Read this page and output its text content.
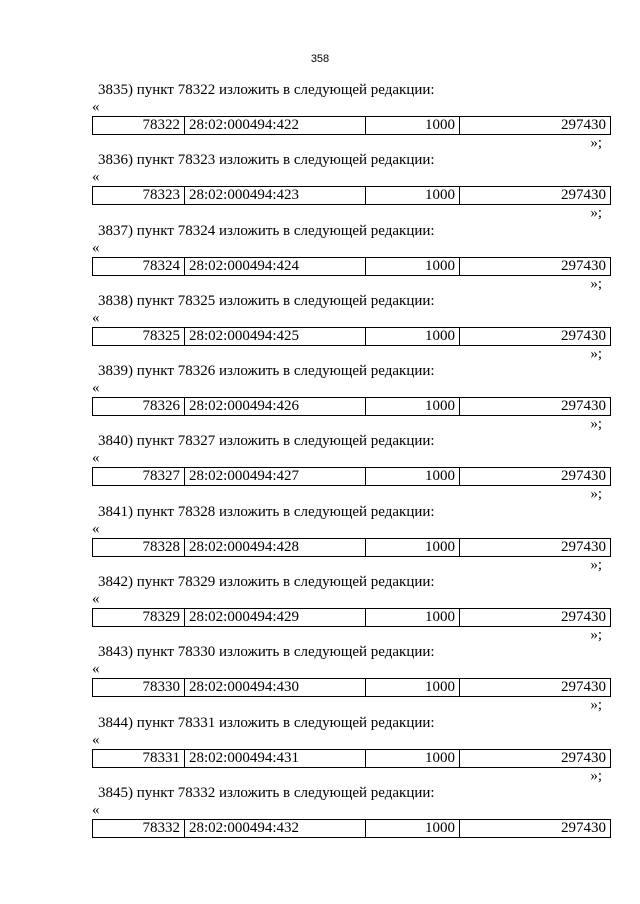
358
3835) пункт 78322 изложить в следующей редакции:
«
78322	28:02:000494:422	1000	297430
»;
3836) пункт 78323 изложить в следующей редакции:
«
78323	28:02:000494:423	1000	297430
»;
3837) пункт 78324 изложить в следующей редакции:
«
78324	28:02:000494:424	1000	297430
»;
3838) пункт 78325 изложить в следующей редакции:
«
78325	28:02:000494:425	1000	297430
»;
3839) пункт 78326 изложить в следующей редакции:
«
78326	28:02:000494:426	1000	297430
»;
3840) пункт 78327 изложить в следующей редакции:
«
78327	28:02:000494:427	1000	297430
»;
3841) пункт 78328 изложить в следующей редакции:
«
78328	28:02:000494:428	1000	297430
»;
3842) пункт 78329 изложить в следующей редакции:
«
78329	28:02:000494:429	1000	297430
»;
3843) пункт 78330 изложить в следующей редакции:
«
78330	28:02:000494:430	1000	297430
»;
3844) пункт 78331 изложить в следующей редакции:
«
78331	28:02:000494:431	1000	297430
»;
3845) пункт 78332 изложить в следующей редакции:
«
78332	28:02:000494:432	1000	297430
